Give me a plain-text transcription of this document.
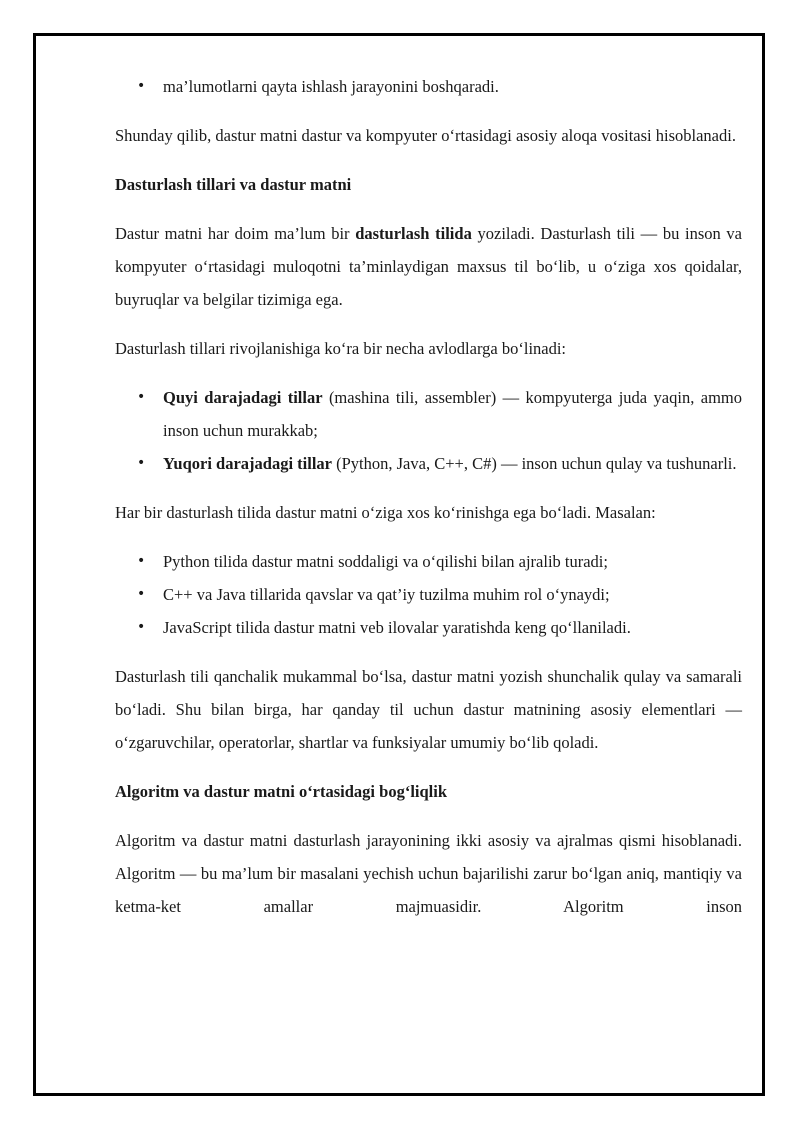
• ma’lumotlarni qayta ishlash jarayonini boshqaradi.

Shunday qilib, dastur matni dastur va kompyuter o‘rtasidagi asosiy aloqa vositasi hisoblanadi.

Dasturlash tillari va dastur matni

Dastur matni har doim ma’lum bir dasturlash tilida yoziladi. Dasturlash tili — bu inson va kompyuter o‘rtasidagi muloqotni ta’minlaydigan maxsus til bo‘lib, u o‘ziga xos qoidalar, buyruqlar va belgilar tizimiga ega.

Dasturlash tillari rivojlanishiga ko‘ra bir necha avlodlarga bo‘linadi:

• Quyi darajadagi tillar (mashina tili, assembler) — kompyuterga juda yaqin, ammo inson uchun murakkab;
• Yuqori darajadagi tillar (Python, Java, C++, C#) — inson uchun qulay va tushunarli.

Har bir dasturlash tilida dastur matni o‘ziga xos ko‘rinishga ega bo‘ladi. Masalan:

• Python tilida dastur matni soddaligi va o‘qilishi bilan ajralib turadi;
• C++ va Java tillarida qavslar va qat’iy tuzilma muhim rol o‘ynaydi;
• JavaScript tilida dastur matni veb ilovalar yaratishda keng qo‘llaniladi.

Dasturlash tili qanchalik mukammal bo‘lsa, dastur matni yozish shunchalik qulay va samarali bo‘ladi. Shu bilan birga, har qanday til uchun dastur matnining asosiy elementlari — o‘zgaruvchilar, operatorlar, shartlar va funksiyalar umumiy bo‘lib qoladi.

Algoritm va dastur matni o‘rtasidagi bog‘liqlik

Algoritm va dastur matni dasturlash jarayonining ikki asosiy va ajralmas qismi hisoblanadi. Algoritm — bu ma’lum bir masalani yechish uchun bajarilishi zarur bo‘lgan aniq, mantiqiy va ketma-ket amallar majmuasidir. Algoritm inson
